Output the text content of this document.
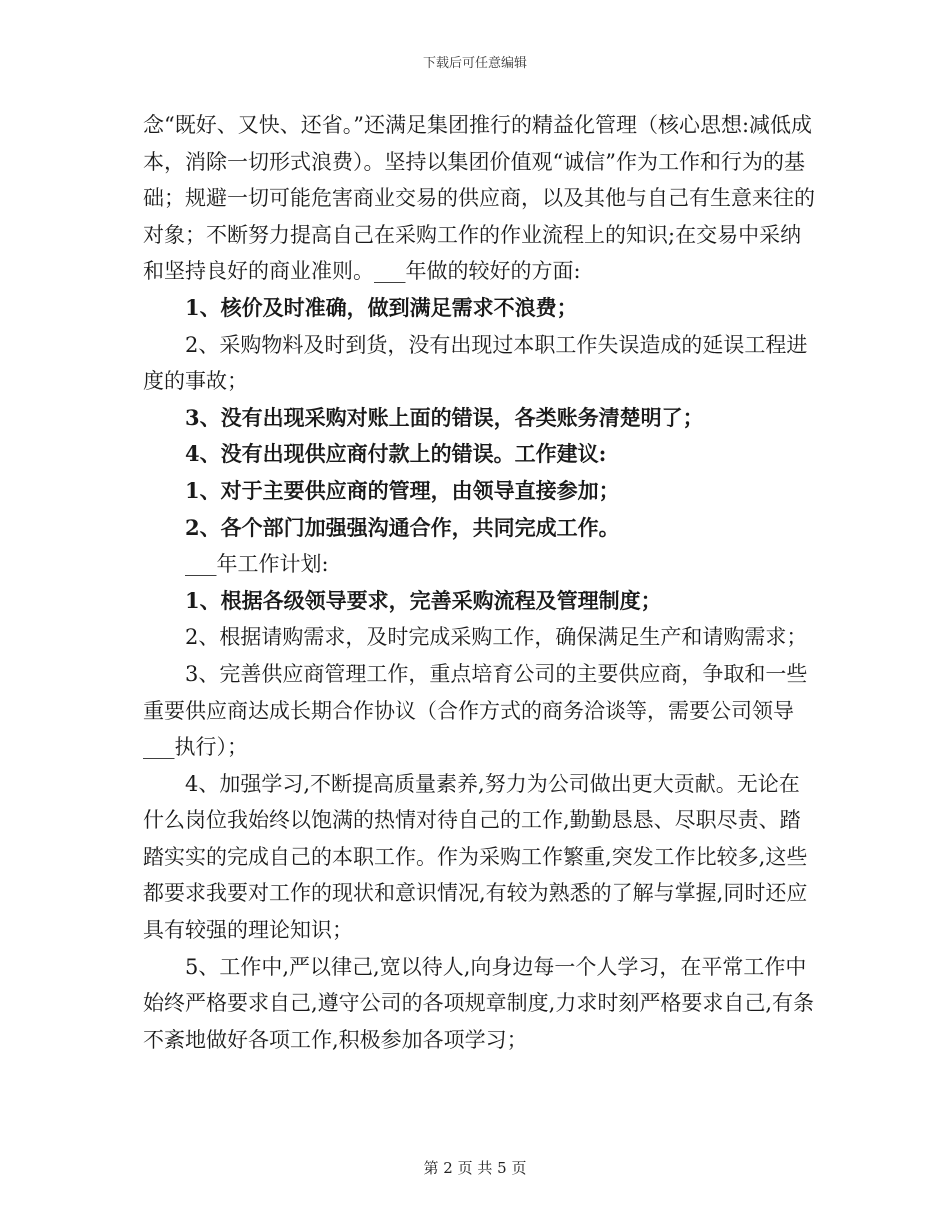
下载后可任意编辑

念“既好、又快、还省。”还满足集团推行的精益化管理（核心思想:减低成本，消除一切形式浪费）。坚持以集团价值观“诚信”作为工作和行为的基础；规避一切可能危害商业交易的供应商，以及其他与自己有生意来往的对象；不断努力提高自己在采购工作的作业流程上的知识;在交易中采纳和坚持良好的商业准则。___年做的较好的方面:

1、核价及时准确，做到满足需求不浪费；

2、采购物料及时到货，没有出现过本职工作失误造成的延误工程进度的事故；

3、没有出现采购对账上面的错误，各类账务清楚明了；

4、没有出现供应商付款上的错误。工作建议:

1、对于主要供应商的管理，由领导直接参加；

2、各个部门加强强沟通合作，共同完成工作。

___年工作计划:

1、根据各级领导要求，完善采购流程及管理制度；

2、根据请购需求，及时完成采购工作，确保满足生产和请购需求；

3、完善供应商管理工作，重点培育公司的主要供应商，争取和一些重要供应商达成长期合作协议（合作方式的商务洽谈等，需要公司领导___执行）；

4、加强学习,不断提高质量素养,努力为公司做出更大贡献。无论在什么岗位我始终以饱满的热情对待自己的工作,勤勤恳恳、尽职尽责、踏踏实实的完成自己的本职工作。作为采购工作繁重,突发工作比较多,这些都要求我要对工作的现状和意识情况,有较为熟悉的了解与掌握,同时还应具有较强的理论知识；

5、工作中,严以律己,宽以待人,向身边每一个人学习，在平常工作中始终严格要求自己,遵守公司的各项规章制度,力求时刻严格要求自己,有条不紊地做好各项工作,积极参加各项学习；

第 2 页 共 5 页
